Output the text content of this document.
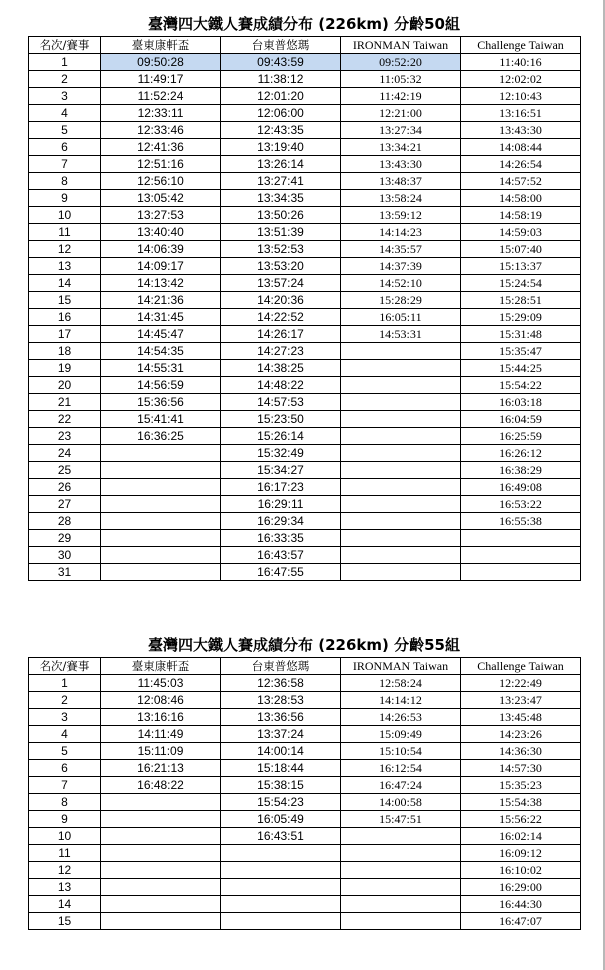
臺灣四大鐵人賽成績分布 (226km) 分齡50組
名次/賽事	臺東康軒盃	台東普悠瑪	IRONMAN Taiwan	Challenge Taiwan
1	09:50:28	09:43:59	09:52:20	11:40:16
2	11:49:17	11:38:12	11:05:32	12:02:02
3	11:52:24	12:01:20	11:42:19	12:10:43
4	12:33:11	12:06:00	12:21:00	13:16:51
5	12:33:46	12:43:35	13:27:34	13:43:30
6	12:41:36	13:19:40	13:34:21	14:08:44
7	12:51:16	13:26:14	13:43:30	14:26:54
8	12:56:10	13:27:41	13:48:37	14:57:52
9	13:05:42	13:34:35	13:58:24	14:58:00
10	13:27:53	13:50:26	13:59:12	14:58:19
11	13:40:40	13:51:39	14:14:23	14:59:03
12	14:06:39	13:52:53	14:35:57	15:07:40
13	14:09:17	13:53:20	14:37:39	15:13:37
14	14:13:42	13:57:24	14:52:10	15:24:54
15	14:21:36	14:20:36	15:28:29	15:28:51
16	14:31:45	14:22:52	16:05:11	15:29:09
17	14:45:47	14:26:17	14:53:31	15:31:48
18	14:54:35	14:27:23		15:35:47
19	14:55:31	14:38:25		15:44:25
20	14:56:59	14:48:22		15:54:22
21	15:36:56	14:57:53		16:03:18
22	15:41:41	15:23:50		16:04:59
23	16:36:25	15:26:14		16:25:59
24		15:32:49		16:26:12
25		15:34:27		16:38:29
26		16:17:23		16:49:08
27		16:29:11		16:53:22
28		16:29:34		16:55:38
29		16:33:35		
30		16:43:57		
31		16:47:55		
臺灣四大鐵人賽成績分布 (226km) 分齡55組
名次/賽事	臺東康軒盃	台東普悠瑪	IRONMAN Taiwan	Challenge Taiwan
1	11:45:03	12:36:58	12:58:24	12:22:49
2	12:08:46	13:28:53	14:14:12	13:23:47
3	13:16:16	13:36:56	14:26:53	13:45:48
4	14:11:49	13:37:24	15:09:49	14:23:26
5	15:11:09	14:00:14	15:10:54	14:36:30
6	16:21:13	15:18:44	16:12:54	14:57:30
7	16:48:22	15:38:15	16:47:24	15:35:23
8		15:54:23	14:00:58	15:54:38
9		16:05:49	15:47:51	15:56:22
10		16:43:51		16:02:14
11				16:09:12
12				16:10:02
13				16:29:00
14				16:44:30
15				16:47:07
